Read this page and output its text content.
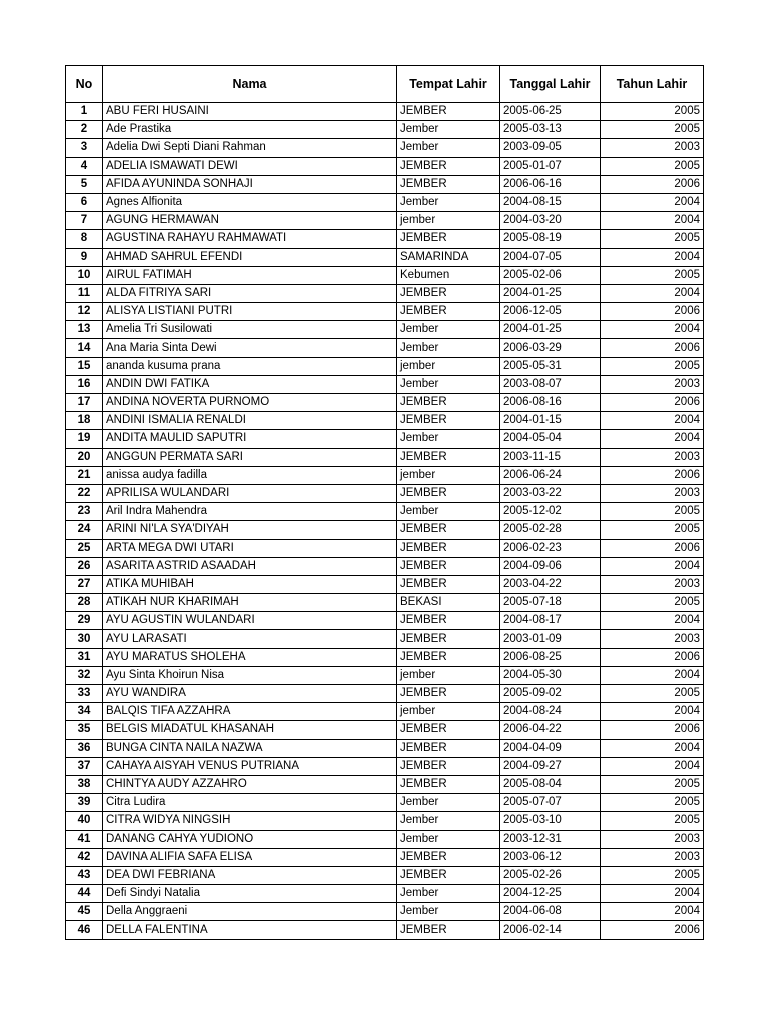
No	Nama	Tempat Lahir	Tanggal Lahir	Tahun Lahir
1	ABU FERI HUSAINI	JEMBER	2005-06-25	2005
2	Ade Prastika	Jember	2005-03-13	2005
3	Adelia Dwi Septi Diani Rahman	Jember	2003-09-05	2003
4	ADELIA ISMAWATI DEWI	JEMBER	2005-01-07	2005
5	AFIDA AYUNINDA SONHAJI	JEMBER	2006-06-16	2006
6	Agnes Alfionita	Jember	2004-08-15	2004
7	AGUNG HERMAWAN	jember	2004-03-20	2004
8	AGUSTINA RAHAYU RAHMAWATI	JEMBER	2005-08-19	2005
9	AHMAD SAHRUL EFENDI	SAMARINDA	2004-07-05	2004
10	AIRUL FATIMAH	Kebumen	2005-02-06	2005
11	ALDA FITRIYA SARI	JEMBER	2004-01-25	2004
12	ALISYA LISTIANI PUTRI	JEMBER	2006-12-05	2006
13	Amelia Tri Susilowati	Jember	2004-01-25	2004
14	Ana Maria Sinta Dewi	Jember	2006-03-29	2006
15	ananda kusuma prana	jember	2005-05-31	2005
16	ANDIN DWI FATIKA	Jember	2003-08-07	2003
17	ANDINA NOVERTA PURNOMO	JEMBER	2006-08-16	2006
18	ANDINI ISMALIA RENALDI	JEMBER	2004-01-15	2004
19	ANDITA MAULID SAPUTRI	Jember	2004-05-04	2004
20	ANGGUN PERMATA SARI	JEMBER	2003-11-15	2003
21	anissa audya fadilla	jember	2006-06-24	2006
22	APRILISA WULANDARI	JEMBER	2003-03-22	2003
23	Aril Indra Mahendra	Jember	2005-12-02	2005
24	ARINI NI'LA SYA'DIYAH	JEMBER	2005-02-28	2005
25	ARTA MEGA DWI UTARI	JEMBER	2006-02-23	2006
26	ASARITA ASTRID ASAADAH	JEMBER	2004-09-06	2004
27	ATIKA MUHIBAH	JEMBER	2003-04-22	2003
28	ATIKAH NUR KHARIMAH	BEKASI	2005-07-18	2005
29	AYU AGUSTIN WULANDARI	JEMBER	2004-08-17	2004
30	AYU LARASATI	JEMBER	2003-01-09	2003
31	AYU MARATUS SHOLEHA	JEMBER	2006-08-25	2006
32	Ayu Sinta Khoirun Nisa	jember	2004-05-30	2004
33	AYU WANDIRA	JEMBER	2005-09-02	2005
34	BALQIS TIFA AZZAHRA	jember	2004-08-24	2004
35	BELGIS MIADATUL KHASANAH	JEMBER	2006-04-22	2006
36	BUNGA CINTA NAILA NAZWA	JEMBER	2004-04-09	2004
37	CAHAYA AISYAH VENUS PUTRIANA	JEMBER	2004-09-27	2004
38	CHINTYA AUDY AZZAHRO	JEMBER	2005-08-04	2005
39	Citra Ludira	Jember	2005-07-07	2005
40	CITRA WIDYA NINGSIH	Jember	2005-03-10	2005
41	DANANG CAHYA YUDIONO	Jember	2003-12-31	2003
42	DAVINA ALIFIA SAFA ELISA	JEMBER	2003-06-12	2003
43	DEA DWI FEBRIANA	JEMBER	2005-02-26	2005
44	Defi Sindyi Natalia	Jember	2004-12-25	2004
45	Della Anggraeni	Jember	2004-06-08	2004
46	DELLA FALENTINA	JEMBER	2006-02-14	2006
